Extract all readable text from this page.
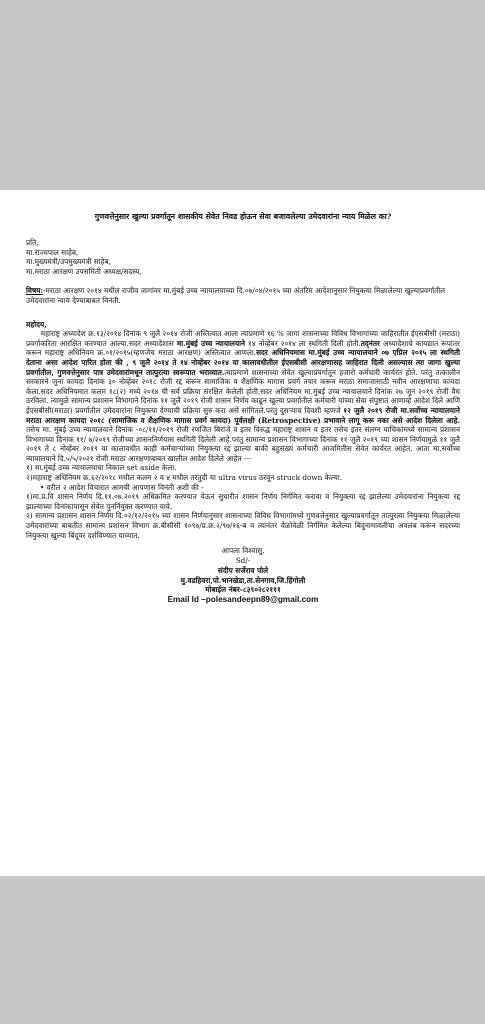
गुणवत्तेनुसार खुल्या प्रवर्गातून शासकीय सेवेत निवड होऊन सेवा बजावलेल्या उमेदवारांना न्याय मिळेल का?
प्रति,
मा.राज्यपाल साहेब,
मा.मुख्यमंत्री/उपमुख्यमंत्री साहेब,
मा.मराठा आरक्षण उपसमिती अध्यक्ष/सदस्य,
विषय:-मराठा आरक्षण २०१४ मधील राजीव जागांवर मा.मुंबई उच्च न्यायालयाच्या दि.०७/०४/२०१५ च्या अंतरिम आदेशानुसार नियुक्त्या मिळालेल्या खुल्याप्रवर्गातील उमेदवारांना न्याय देण्याबाबत विनंती.
महोदय,

महाराष्ट्र अध्यादेश क्र.१३/२०१४ दिनांक ९ जुलै २०१४ रोजी अस्तित्वात आला त्याप्रमाणे १६ % जागा शासनाच्या विविध विभागांच्या जाहिरातीत ईएसबीसी (मराठा) प्रवर्गाकरिता आरक्षित करण्यात आल्या.सदर अध्यादेशास मा.मुंबई उच्च न्यायालयाने १४ नोव्हेंबर २०१४ ला स्थगिती दिली होती.तद्नंतर अध्यादेशाचे कायद्यात रूपांतर करून महाराष्ट्र अधिनियम क्र.०१/२०१५(म्हणजेच मराठा आरक्षण) अस्तित्वात आणला.सदर अधिनियमास मा.मुंबई उच्च न्यायालयाने ०७ एप्रिल २०१५ ला स्थगिती देताना असा आदेश पारित होता की , ९ जुलै २०१४ ते १४ नोव्हेंबर २०१४ या कालावधीतील ईएसबीसी आरक्षणासह जाहिरात दिली असल्यास त्या जागा खुल्या प्रवर्गातील, गुणवत्तेनुसार पात्र उमेदवारांमधून तात्पुरत्या स्वरूपात भराव्यात.त्याप्रमाणे शासनाच्या सेवेत खुल्याप्रवर्गातून हजारो कर्मचारी कार्यरत होते. परंतु तत्कालीन सरकारने जुना कायदा दिनांक ३० नोव्हेंबर २०१८ रोजी रद्द करून सामाजिक व शैक्षणिक मागास प्रवर्ग तयार करून मराठा समाजासाठी नवीन आरक्षणाचा कायदा केला.सदर अधिनियमात कलम १८(२) मध्ये २०१४ ची सर्व प्रक्रिया संरक्षित केलेली होती.सदर अधिनियम मा.मुंबई उच्च न्यायालयाने दिनांक २७ जून २०१९ रोजी वैध ठरविला. त्यामुळे सामान्य प्रशासन विभागाने दिनांक ११ जुलै २०१९ रोजी शासन निर्णय काढून खुल्या प्रवर्गातील कर्मचारी यांच्या सेवा संपुष्टात आणाव्हे आदेश दिले आणि ईएसबीसी(मराठा) प्रवर्गातील उमेदवारांना नियुक्त्या देण्याची प्रक्रिया सुरु करा असे सांगितले.परंतु दुसऱ्याच दिवशी म्हणजे १२ जुलै २०१९ रोजी मा.सर्वोच्च न्यायालयाने मराठा आरक्षण कायदा २०१८ (सामाजिक व शैक्षणिक मागास प्रवर्ग कायदा) पूर्वलक्षी (Retrospective) प्रभावाने लागू करू नका असे आदेश दिलेला आहे. तसेच मा. मुंबई उच्च न्यायालयाने दिनांक -०८/११/२०१९ रोजी रणजित बिरांजे व इतर विरुद्ध महाराष्ट्र शासन व इतर तसेच इतर संलग्न याचिकांमध्ये सामान्य प्रशासन विभागाच्या दिनांक ११/ ७/२०१९ रोजीच्या शासननिर्णयास स्थगिती दिलेली आहे.परंतु सामान्य प्रशासन विभागाच्या दिनांक ११ जुलै २०१९ च्या शासन निर्णयामुळे ११ जुलै २०१९ ते ८ नोव्हेंबर २०१९ या कालावधीत काही कर्मचाऱ्यांच्या नियुक्त्या रद्द झाल्या बाकी बहुसंख्य कर्मचारी आजमितीस सेवेत कार्यरत आहेत, आता मा.सर्वोच्च न्यायालयाने दि.५/५/२०२१ रोजी मराठा आरक्षणाबाबत खालील आदेश दिलेले आहेत ---

१) मा.मुंबई उच्च न्यायालयाचा निकाल set aside केला.

२)महाराष्ट्र अधिनियम क्र.६२/२०१८ मधील कलम २ व ४ मधील तरतुदी या ultra virus ठरवून struck down केल्या.

• वरील २ आदेश विचारात आमची आपणास विनंती अशी की -

१)मा.प्र.वि शासन निर्णय दि.११.०७.२०१९ अधिक्रमित करण्यात येऊन सुधारीत शासन निर्णय निर्गमित करावा व नियुक्त्या रद्द झालेल्या उमेदवारांना नियुक्त्या रद्द झाल्याच्या दिनांकापासून सेवेत पुनर्नियुक्त करण्यात यावे.

२) सामान्य प्रशासन शासन निर्णय दि.०२/१२/२०१५ च्या शासन निर्णयानुसार शासनाच्या विविध विभागांमध्ये गुणवत्तेनुसार खुल्याप्रवर्गातून तात्पुरत्या नियुक्त्या मिळालेल्या उमेदवारांच्या बाबतीत सामान्य प्रशासन विभाग क्र.बीसीसी १०९७/प्र.क्र.२/९७/१६-ब व त्यानंतर वेळोवेळी निर्गमित केलेल्या बिंदुनामावलीचा अवलंब करून सदरच्या नियुक्त्या खुल्या बिंदूवर दर्शविण्यात याव्यात.

आपला विश्वासु,
Sd/-
संदीप सर्जेराव पोले
मु.वडहिवरा,पो.भानखेडा,ता.सेनगाव,जि.हिंगोली
मोबाईल नंबर-८३९०२८२१११
Email Id –polesandeepn89@gmail.com
